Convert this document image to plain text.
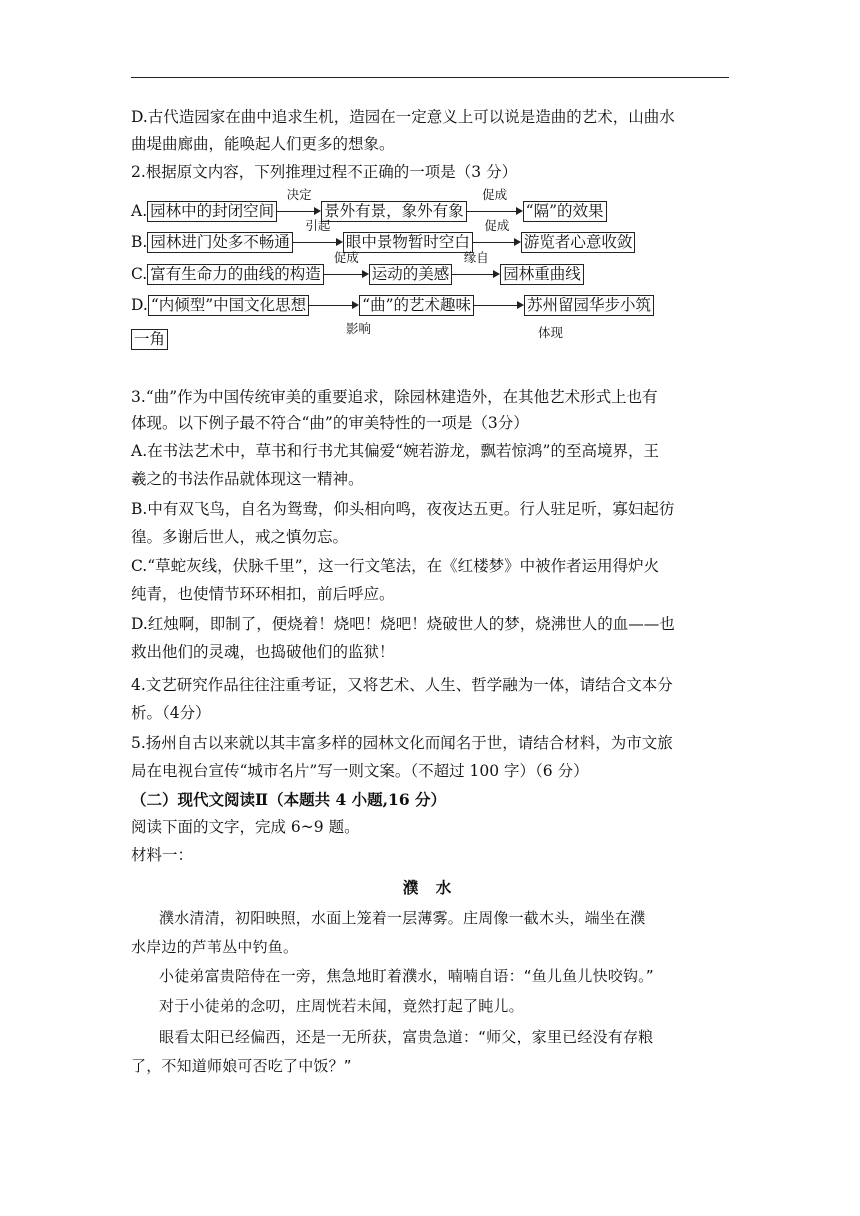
D.古代造园家在曲中追求生机，造园在一定意义上可以说是造曲的艺术，山曲水
曲堤曲廊曲，能唤起人们更多的想象。
2.根据原文内容，下列推理过程不正确的一项是（3 分）
A. 园林中的封闭空间
决定
景外有景，象外有象
促成
“隔”的效果
B. 园林进门处多不畅通
引起
眼中景物暂时空白
促成
游览者心意收敛
C. 富有生命力的曲线的构造
促成
运动的美感
缘自
园林重曲线
D. “内倾型”中国文化思想	“曲”的艺术趣味	苏州留园华步小筑
影响	体现
一角
3.“曲”作为中国传统审美的重要追求，除园林建造外，在其他艺术形式上也有
体现。以下例子最不符合“曲”的审美特性的一项是（3分）
A.在书法艺术中，草书和行书尤其偏爱“婉若游龙，飘若惊鸿”的至高境界，王
羲之的书法作品就体现这一精神。
B.中有双飞鸟，自名为鸳鸯，仰头相向鸣，夜夜达五更。行人驻足听，寡妇起彷
徨。多谢后世人，戒之慎勿忘。
C.“草蛇灰线，伏脉千里”，这一行文笔法，在《红楼梦》中被作者运用得炉火
纯青，也使情节环环相扣，前后呼应。
D.红烛啊，即制了，便烧着！烧吧！烧吧！烧破世人的梦，烧沸世人的血——也
救出他们的灵魂，也捣破他们的监狱！
4.文艺研究作品往往注重考证，又将艺术、人生、哲学融为一体，请结合文本分
析。（4分）
5.扬州自古以来就以其丰富多样的园林文化而闻名于世，请结合材料，为市文旅
局在电视台宣传“城市名片”写一则文案。（不超过 100 字）（6 分）
（二）现代文阅读Ⅱ（本题共 4 小题,16 分）
阅读下面的文字，完成 6~9 题。
材料一：
濮 水
濮水清清，初阳映照，水面上笼着一层薄雾。庄周像一截木头，端坐在濮
水岸边的芦苇丛中钓鱼。
小徒弟富贵陪侍在一旁，焦急地盯着濮水，喃喃自语：“鱼儿鱼儿快咬钩。”
对于小徒弟的念叨，庄周恍若未闻，竟然打起了盹儿。
眼看太阳已经偏西，还是一无所获，富贵急道：“师父，家里已经没有存粮
了，不知道师娘可否吃了中饭？”
